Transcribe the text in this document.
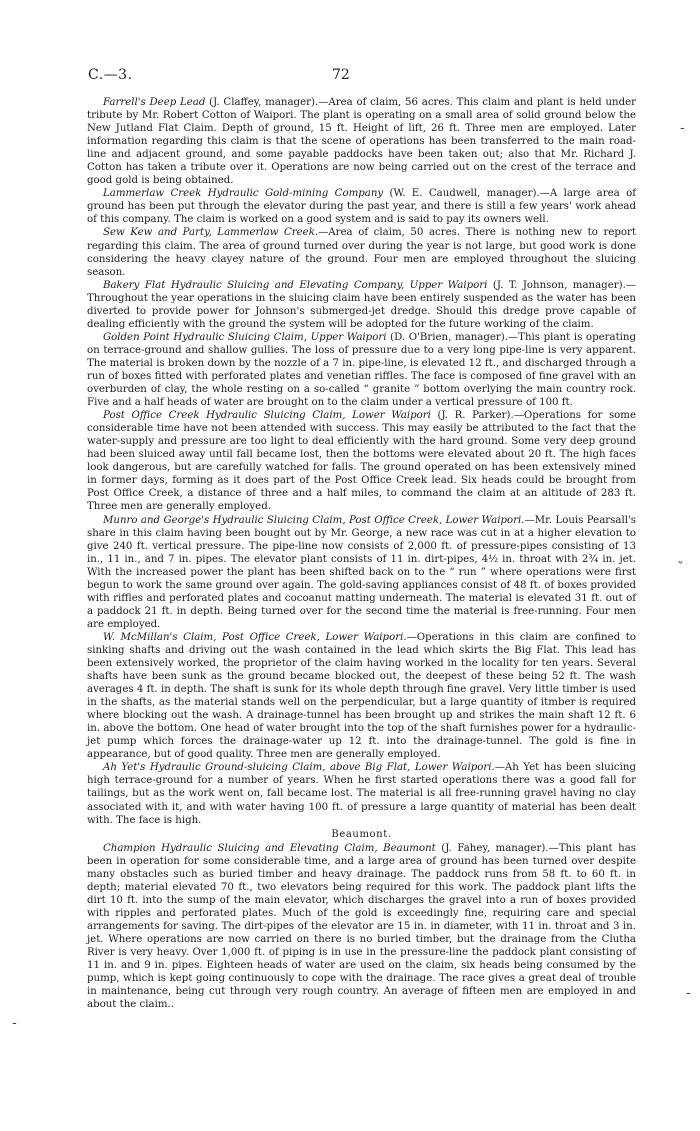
C.—3.	72

Farrell's Deep Lead (J. Claffey, manager).—Area of claim, 56 acres. This claim and plant is held under tribute by Mr. Robert Cotton of Waipori. The plant is operating on a small area of solid ground below the New Jutland Flat Claim. Depth of ground, 15 ft. Height of lift, 26 ft. Three men are employed. Later information regarding this claim is that the scene of operations has been transferred to the main road-line and adjacent ground, and some payable paddocks have been taken out; also that Mr. Richard J. Cotton has taken a tribute over it. Operations are now being carried out on the crest of the terrace and good gold is being obtained.

Lammerlaw Creek Hydraulic Gold-mining Company (W. E. Caudwell, manager).—A large area of ground has been put through the elevator during the past year, and there is still a few years' work ahead of this company. The claim is worked on a good system and is said to pay its owners well.

Sew Kew and Party, Lammerlaw Creek.—Area of claim, 50 acres. There is nothing new to report regarding this claim. The area of ground turned over during the year is not large, but good work is done considering the heavy clayey nature of the ground. Four men are employed throughout the sluicing season.

Bakery Flat Hydraulic Sluicing and Elevating Company, Upper Waipori (J. T. Johnson, manager).—Throughout the year operations in the sluicing claim have been entirely suspended as the water has been diverted to provide power for Johnson's submerged-jet dredge. Should this dredge prove capable of dealing efficiently with the ground the system will be adopted for the future working of the claim.

Golden Point Hydraulic Sluicing Claim, Upper Waipori (D. O'Brien, manager).—This plant is operating on terrace-ground and shallow gullies. The loss of pressure due to a very long pipe-line is very apparent. The material is broken down by the nozzle of a 7 in. pipe-line, is elevated 12 ft., and discharged through a run of boxes fitted with perforated plates and venetian riffles. The face is composed of fine gravel with an overburden of clay, the whole resting on a so-called “ granite ” bottom overlying the main country rock. Five and a half heads of water are brought on to the claim under a vertical pressure of 100 ft.

Post Office Creek Hydraulic Sluicing Claim, Lower Waipori (J. R. Parker).—Operations for some considerable time have not been attended with success. This may easily be attributed to the fact that the water-supply and pressure are too light to deal efficiently with the hard ground. Some very deep ground had been sluiced away until fall became lost, then the bottoms were elevated about 20 ft. The high faces look dangerous, but are carefully watched for falls. The ground operated on has been extensively mined in former days, forming as it does part of the Post Office Creek lead. Six heads could be brought from Post Office Creek, a distance of three and a half miles, to command the claim at an altitude of 283 ft. Three men are generally employed.

Munro and George's Hydraulic Sluicing Claim, Post Office Creek, Lower Waipori.—Mr. Louis Pearsall's share in this claim having been bought out by Mr. George, a new race was cut in at a higher elevation to give 240 ft. vertical pressure. The pipe-line now consists of 2,000 ft. of pressure-pipes consisting of 13 in., 11 in., and 7 in. pipes. The elevator plant consists of 11 in. dirt-pipes, 4½ in. throat with 2¾ in. jet. With the increased power the plant has been shifted back on to the “ run ” where operations were first begun to work the same ground over again. The gold-saving appliances consist of 48 ft. of boxes provided with riffles and perforated plates and cocoanut matting underneath. The material is elevated 31 ft. out of a paddock 21 ft. in depth. Being turned over for the second time the material is free-running. Four men are employed.

W. McMillan's Claim, Post Office Creek, Lower Waipori.—Operations in this claim are confined to sinking shafts and driving out the wash contained in the lead which skirts the Big Flat. This lead has been extensively worked, the proprietor of the claim having worked in the locality for ten years. Several shafts have been sunk as the ground became blocked out, the deepest of these being 52 ft. The wash averages 4 ft. in depth. The shaft is sunk for its whole depth through fine gravel. Very little timber is used in the shafts, as the material stands well on the perpendicular, but a large quantity of itmber is required where blocking out the wash. A drainage-tunnel has been brought up and strikes the main shaft 12 ft. 6 in. above the bottom. One head of water brought into the top of the shaft furnishes power for a hydraulic-jet pump which forces the drainage-water up 12 ft. into the drainage-tunnel. The gold is fine in appearance, but of good quality. Three men are generally employed.

Ah Yet's Hydraulic Ground-sluicing Claim, above Big Flat, Lower Waipori.—Ah Yet has been sluicing high terrace-ground for a number of years. When he first started operations there was a good fall for tailings, but as the work went on, fall became lost. The material is all free-running gravel having no clay associated with it, and with water having 100 ft. of pressure a large quantity of material has been dealt with. The face is high.

Beaumont.

Champion Hydraulic Sluicing and Elevating Claim, Beaumont (J. Fahey, manager).—This plant has been in operation for some considerable time, and a large area of ground has been turned over despite many obstacles such as buried timber and heavy drainage. The paddock runs from 58 ft. to 60 ft. in depth; material elevated 70 ft., two elevators being required for this work. The paddock plant lifts the dirt 10 ft. into the sump of the main elevator, which discharges the gravel into a run of boxes provided with ripples and perforated plates. Much of the gold is exceedingly fine, requiring care and special arrangements for saving. The dirt-pipes of the elevator are 15 in. in diameter, with 11 in. throat and 3 in. jet. Where operations are now carried on there is no buried timber, but the drainage from the Clutha River is very heavy. Over 1,000 ft. of piping is in use in the pressure-line the paddock plant consisting of 11 in. and 9 in. pipes. Eighteen heads of water are used on the claim, six heads being consumed by the pump, which is kept going continuously to cope with the drainage. The race gives a great deal of trouble in maintenance, being cut through very rough country. An average of fifteen men are employed in and about the claim..

‐
ˇ
‐
‐
